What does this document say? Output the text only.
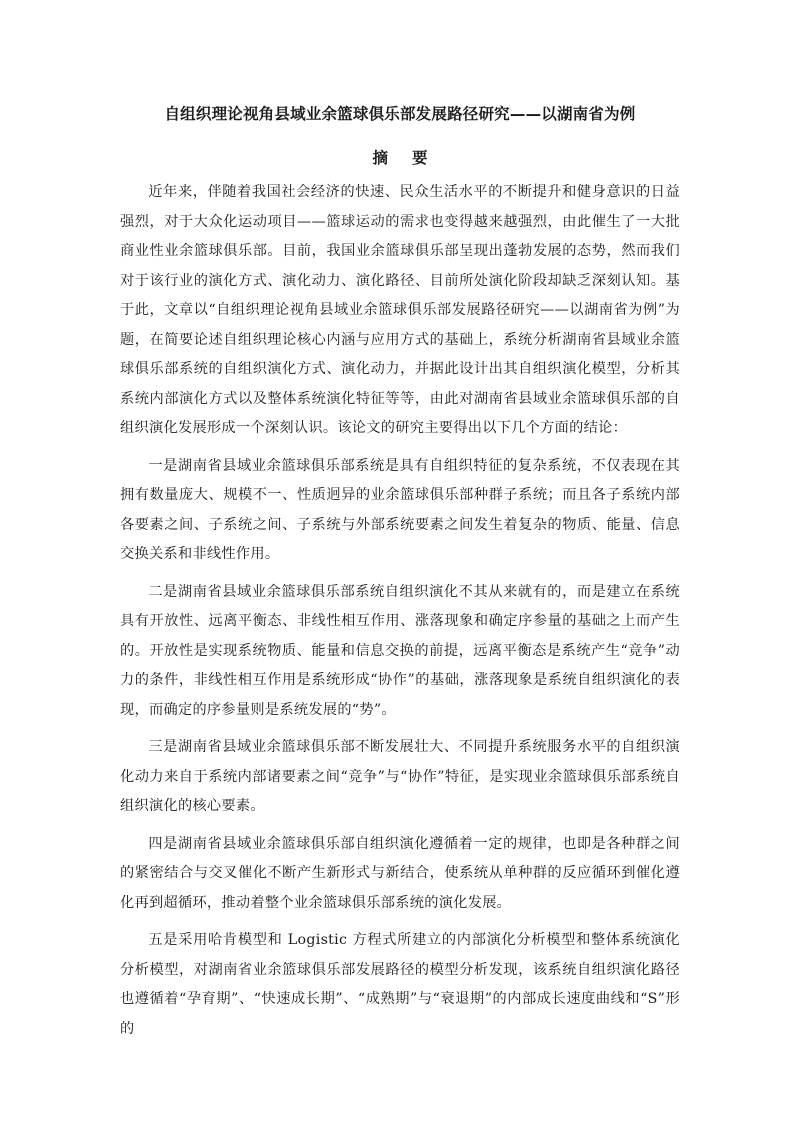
自组织理论视角县域业余篮球俱乐部发展路径研究——以湖南省为例
摘要

近年来，伴随着我国社会经济的快速、民众生活水平的不断提升和健身意识的日益强烈，对于大众化运动项目——篮球运动的需求也变得越来越强烈，由此催生了一大批商业性业余篮球俱乐部。目前，我国业余篮球俱乐部呈现出蓬勃发展的态势，然而我们对于该行业的演化方式、演化动力、演化路径、目前所处演化阶段却缺乏深刻认知。基于此，文章以“自组织理论视角县域业余篮球俱乐部发展路径研究——以湖南省为例”为题，在简要论述自组织理论核心内涵与应用方式的基础上，系统分析湖南省县域业余篮球俱乐部系统的自组织演化方式、演化动力，并据此设计出其自组织演化模型，分析其系统内部演化方式以及整体系统演化特征等等，由此对湖南省县域业余篮球俱乐部的自组织演化发展形成一个深刻认识。该论文的研究主要得出以下几个方面的结论：

一是湖南省县域业余篮球俱乐部系统是具有自组织特征的复杂系统，不仅表现在其拥有数量庞大、规模不一、性质迥异的业余篮球俱乐部种群子系统；而且各子系统内部各要素之间、子系统之间、子系统与外部系统要素之间发生着复杂的物质、能量、信息交换关系和非线性作用。

二是湖南省县域业余篮球俱乐部系统自组织演化不其从来就有的，而是建立在系统具有开放性、远离平衡态、非线性相互作用、涨落现象和确定序参量的基础之上而产生的。开放性是实现系统物质、能量和信息交换的前提，远离平衡态是系统产生“竞争”动力的条件，非线性相互作用是系统形成“协作”的基础，涨落现象是系统自组织演化的表现，而确定的序参量则是系统发展的“势”。

三是湖南省县域业余篮球俱乐部不断发展壮大、不同提升系统服务水平的自组织演化动力来自于系统内部诸要素之间“竞争”与“协作”特征，是实现业余篮球俱乐部系统自组织演化的核心要素。

四是湖南省县域业余篮球俱乐部自组织演化遵循着一定的规律，也即是各种群之间的紧密结合与交叉催化不断产生新形式与新结合，使系统从单种群的反应循环到催化遵化再到超循环，推动着整个业余篮球俱乐部系统的演化发展。

五是采用哈肯模型和 Logistic 方程式所建立的内部演化分析模型和整体系统演化分析模型，对湖南省业余篮球俱乐部发展路径的模型分析发现，该系统自组织演化路径也遵循着“孕育期”、“快速成长期”、“成熟期”与“衰退期”的内部成长速度曲线和“S”形的
